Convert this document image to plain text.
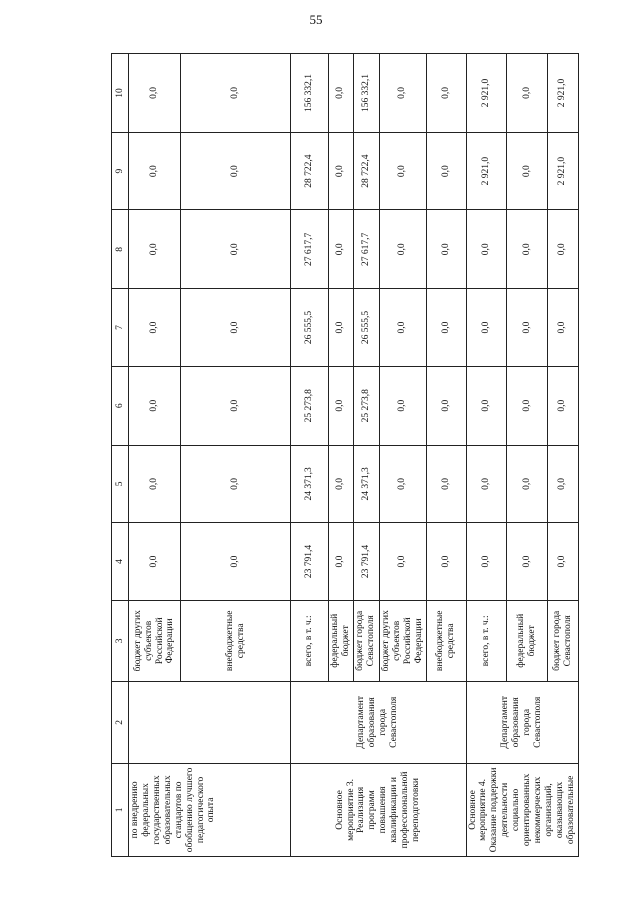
55
1	2	3	4	5	6	7	8	9	10
по внедрению федеральных государственных образовательных стандартов по обобщению лучшего педагогического опыта		бюджет других субъектов Российской Федерации	0,0	0,0	0,0	0,0	0,0	0,0	0,0
		внебюджетные средства	0,0	0,0	0,0	0,0	0,0	0,0	0,0
Основное мероприятие 3. Реализация программ повышения квалификации и профессиональной переподготовки	Департамент образования города Севастополя	всего, в т. ч.:	23 791,4	24 371,3	25 273,8	26 555,5	27 617,7	28 722,4	156 332,1
		федеральный бюджет	0,0	0,0	0,0	0,0	0,0	0,0	0,0
		бюджет города Севастополя	23 791,4	24 371,3	25 273,8	26 555,5	27 617,7	28 722,4	156 332,1
		бюджет других субъектов Российской Федерации	0,0	0,0	0,0	0,0	0,0	0,0	0,0
		внебюджетные средства	0,0	0,0	0,0	0,0	0,0	0,0	0,0
Основное мероприятие 4. Оказание поддержки деятельности социально ориентированных некоммерческих организаций, оказывающих образовательные	Департамент образования города Севастополя	всего, в т. ч.:	0,0	0,0	0,0	0,0	0,0	2 921,0	2 921,0
		федеральный бюджет	0,0	0,0	0,0	0,0	0,0	0,0	0,0
		бюджет города Севастополя	0,0	0,0	0,0	0,0	0,0	2 921,0	2 921,0
